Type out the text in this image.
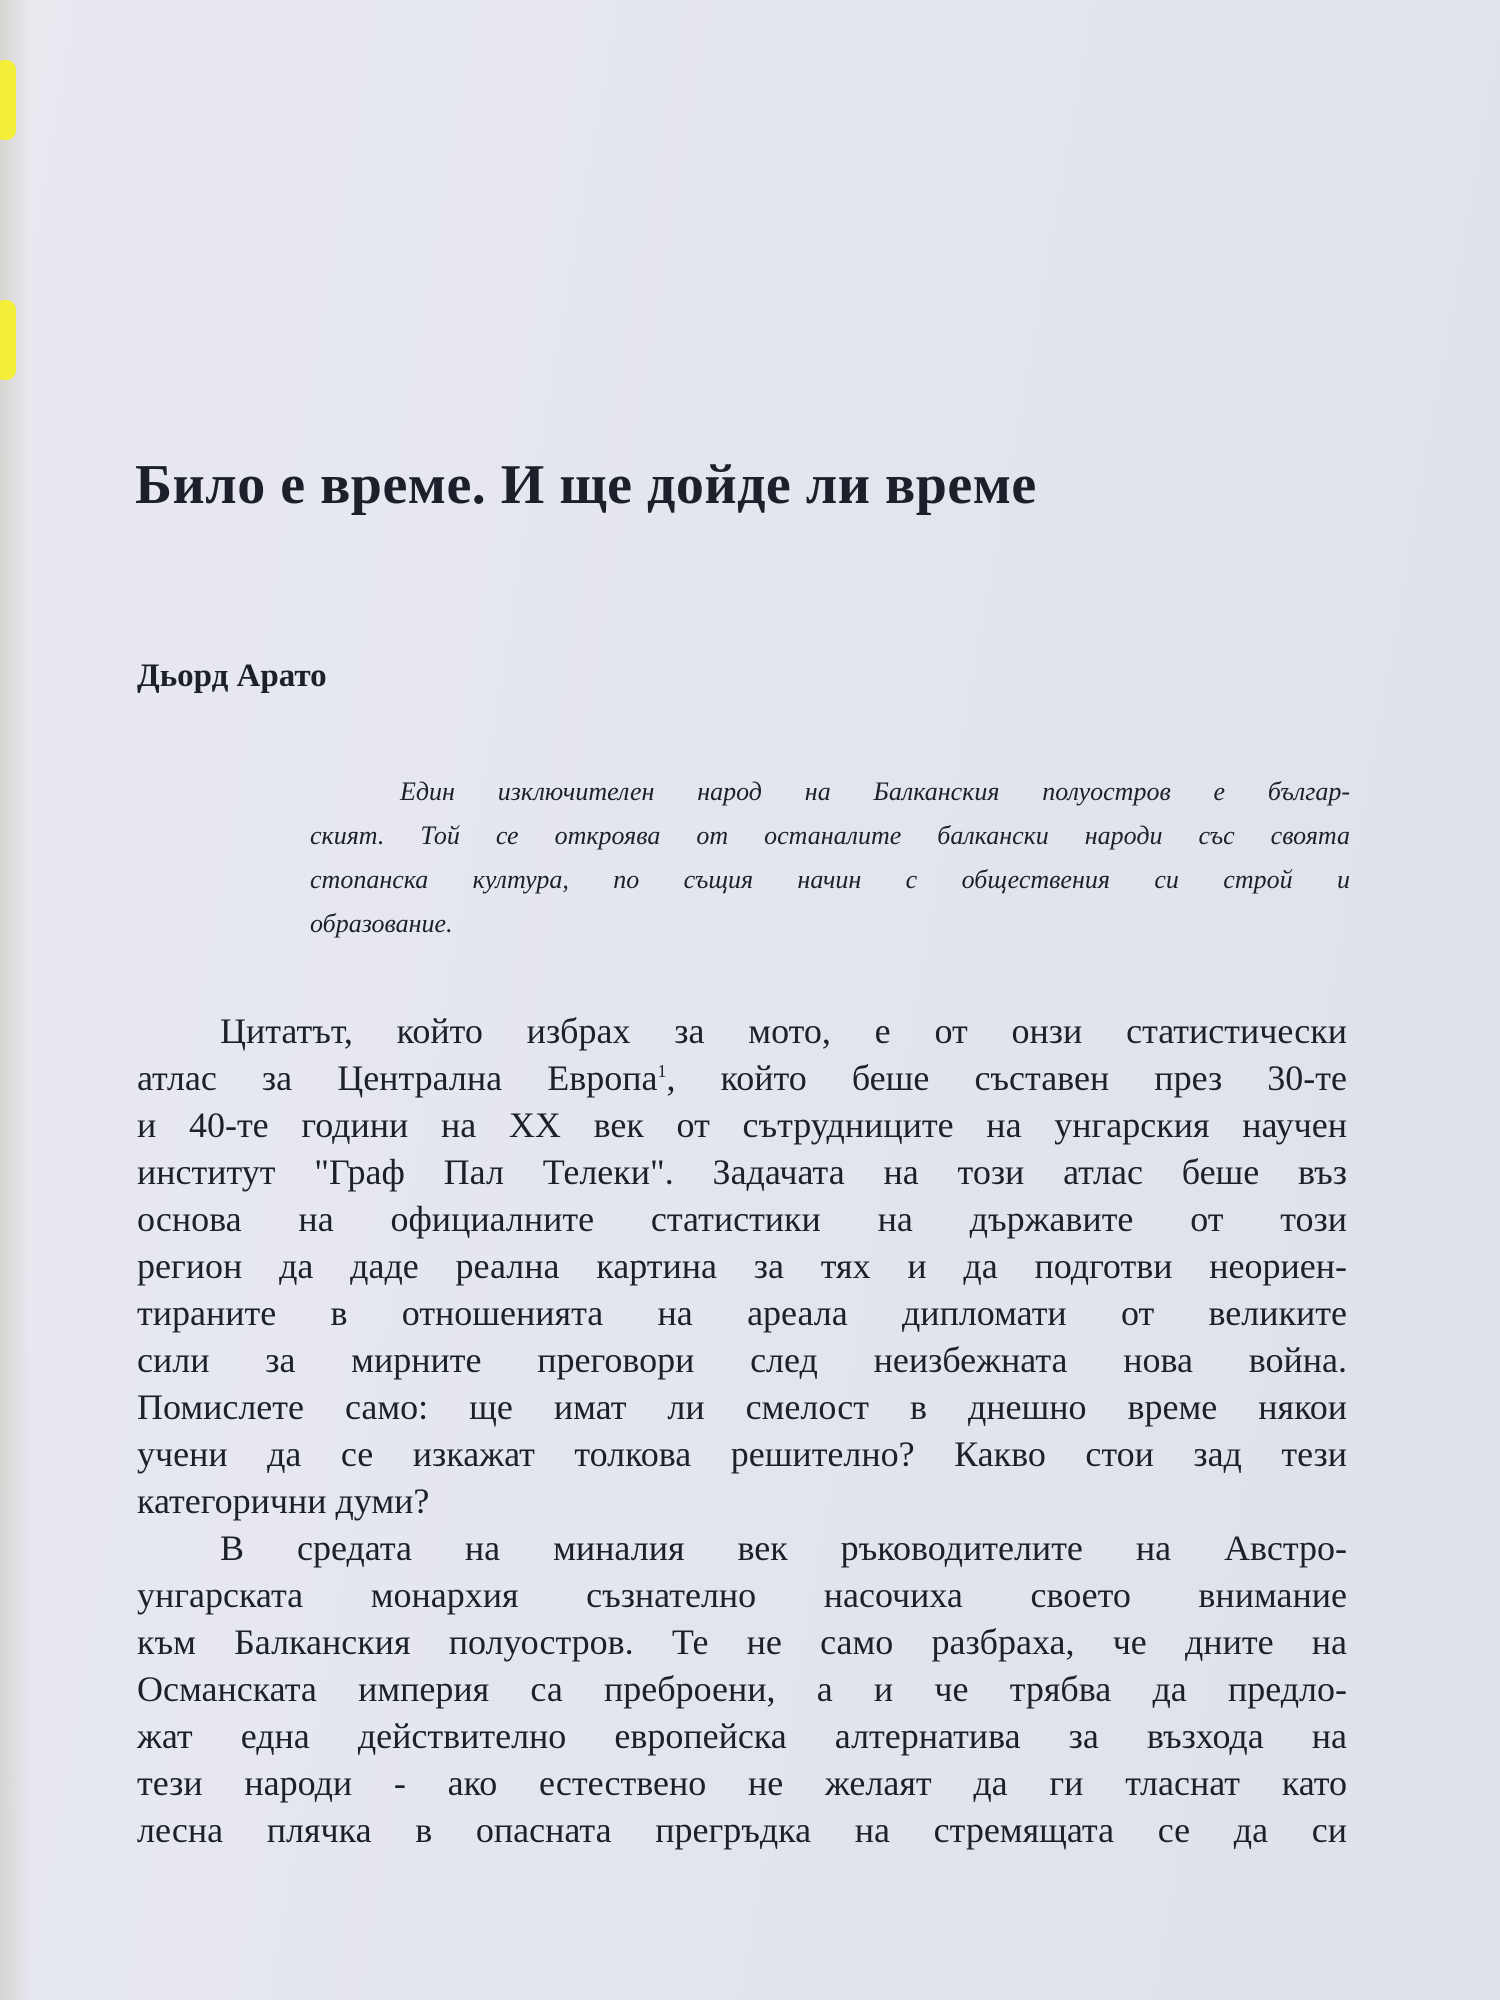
Било е време. И ще дойде ли време
Дьорд Арато
Един изключителен народ на Балканския полуостров е българ-
ският. Той се откроява от останалите балкански народи със своята
стопанска култура, по същия начин с обществения си строй и
образование.
Цитатът, който избрах за мото, е от онзи статистически
атлас за Централна Европа$^1$, който беше съставен през 30-те
и 40-те години на XX век от сътрудниците на унгарския научен
институт "Граф Пал Телеки". Задачата на този атлас беше въз
основа на официалните статистики на държавите от този
регион да даде реална картина за тях и да подготви неориен-
тираните в отношенията на ареала дипломати от великите
сили за мирните преговори след неизбежната нова война.
Помислете само: ще имат ли смелост в днешно време някои
учени да се изкажат толкова решително? Какво стои зад тези
категорични думи?
В средата на миналия век ръководителите на Австро-
унгарската монархия съзнателно насочиха своето внимание
към Балканския полуостров. Те не само разбраха, че дните на
Османската империя са преброени, а и че трябва да предло-
жат една действително европейска алтернатива за възхода на
тези народи - ако естествено не желаят да ги тласнат като
лесна плячка в опасната прегръдка на стремящата се да си
